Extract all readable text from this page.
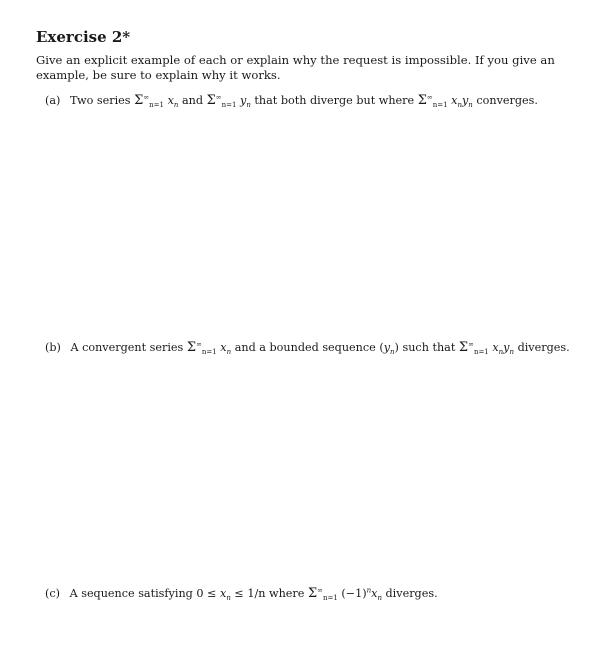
Exercise 2*

Give an explicit example of each or explain why the request is impossible. If you give an example, be sure to explain why it works.

(a) Two series $\Sigma^\infty_{n=1}$ $x_n$ and $\Sigma^\infty_{n=1}$ $y_n$ that both diverge but where $\Sigma^\infty_{n=1}$ $x_ny_n$ converges.
(b) A convergent series $\Sigma^\infty_{n=1}$ $x_n$ and a bounded sequence $(y_n)$ such that $\Sigma^\infty_{n=1}$ $x_ny_n$ diverges.
(c) A sequence satisfying $0 \le x_n \le 1/n$ where $\Sigma^\infty_{n=1}$ $(-1)^nx_n$ diverges.
